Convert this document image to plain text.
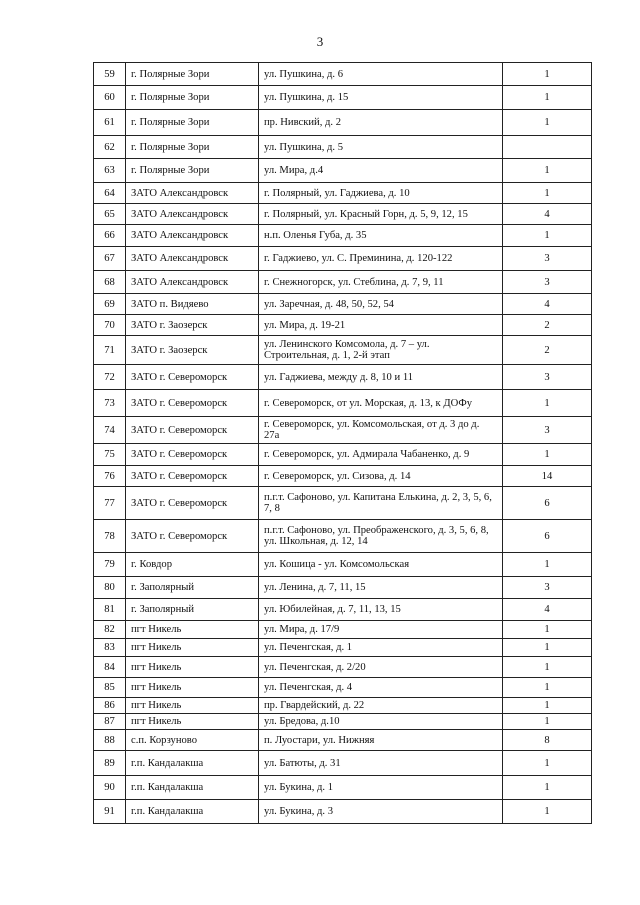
3
59	г. Полярные Зори	ул. Пушкина, д. 6	1
60	г. Полярные Зори	ул. Пушкина, д. 15	1
61	г. Полярные Зори	пр. Нивский, д. 2	1
62	г. Полярные Зори	ул. Пушкина, д. 5	
63	г. Полярные Зори	ул. Мира, д.4	1
64	ЗАТО Александровск	г. Полярный, ул. Гаджиева, д. 10	1
65	ЗАТО Александровск	г. Полярный, ул. Красный Горн, д. 5, 9, 12, 15	4
66	ЗАТО Александровск	н.п. Оленья Губа, д. 35	1
67	ЗАТО Александровск	г. Гаджиево, ул. С. Преминина, д. 120-122	3
68	ЗАТО Александровск	г. Снежногорск, ул. Стеблина, д. 7, 9, 11	3
69	ЗАТО п. Видяево	ул. Заречная, д. 48, 50, 52, 54	4
70	ЗАТО г. Заозерск	ул. Мира, д. 19-21	2
71	ЗАТО г. Заозерск	ул. Ленинского Комсомола, д. 7 – ул. Строительная, д. 1, 2-й этап	2
72	ЗАТО г. Североморск	ул. Гаджиева, между д. 8, 10 и 11	3
73	ЗАТО г. Североморск	г. Североморск, от ул. Морская, д. 13, к ДОФу	1
74	ЗАТО г. Североморск	г. Североморск, ул. Комсомольская, от д. 3 до д. 27а	3
75	ЗАТО г. Североморск	г. Североморск, ул. Адмирала Чабаненко, д. 9	1
76	ЗАТО г. Североморск	г. Североморск, ул. Сизова, д. 14	14
77	ЗАТО г. Североморск	п.г.т. Сафоново, ул. Капитана Елькина, д. 2, 3, 5, 6, 7, 8	6
78	ЗАТО г. Североморск	п.г.т. Сафоново, ул. Преображенского, д. 3, 5, 6, 8, ул. Школьная, д. 12, 14	6
79	г. Ковдор	ул. Кошица - ул. Комсомольская	1
80	г. Заполярный	ул. Ленина, д. 7, 11, 15	3
81	г. Заполярный	ул. Юбилейная, д. 7, 11, 13, 15	4
82	пгт Никель	ул. Мира, д. 17/9	1
83	пгт Никель	ул. Печенгская, д. 1	1
84	пгт Никель	ул. Печенгская, д. 2/20	1
85	пгт Никель	ул. Печенгская, д. 4	1
86	пгт Никель	пр. Гвардейский, д. 22	1
87	пгт Никель	ул. Бредова, д.10	1
88	с.п. Корзуново	п. Луостари, ул. Нижняя	8
89	г.п. Кандалакша	ул. Батюты, д. 31	1
90	г.п. Кандалакша	ул. Букина, д. 1	1
91	г.п. Кандалакша	ул. Букина, д. 3	1
